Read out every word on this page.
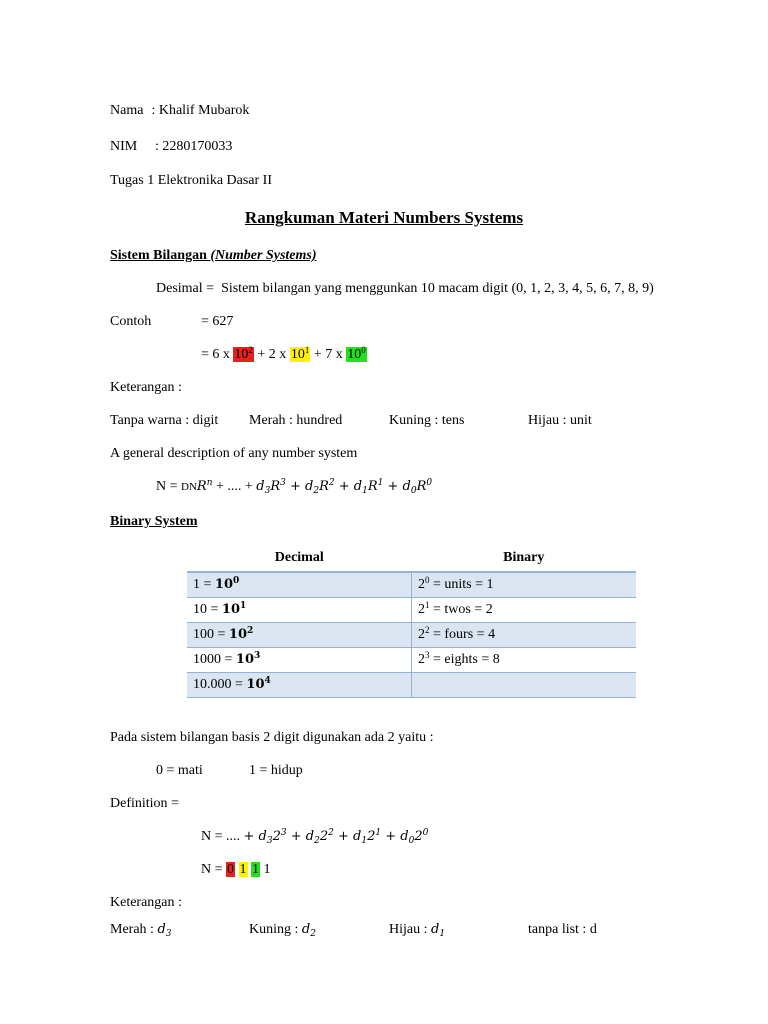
Nama : Khalif Mubarok
NIM : 2280170033
Tugas 1 Elektronika Dasar II
Rangkuman Materi Numbers Systems
Sistem Bilangan (Number Systems)
Desimal = Sistem bilangan yang menggunkan 10 macam digit (0, 1, 2, 3, 4, 5, 6, 7, 8, 9)
Contoh	= 627
= 6 x $10^2 + 2$ x $10^1 + 7$ x $10^0$
Keterangan :
Tanpa warna : digit Merah : hundred	Kuning : tens	Hijau : unit
A general description of any number system
$N = DNR^n$ + .... + $d_3R^3 + d_2R^2 + d_1R^1 + d_0R^0$
Binary System
Decimal	Binary
$1 = 10^0$	$2^0$ = units = 1
$10 = 10^1$	$2^1$ = twos = 2
$100 = 10^2$	$2^2$ = fours = 4
$1000 = 10^3$	$2^3$ = eights = 8
$10.000 = 10^4$	
Pada sistem bilangan basis 2 digit digunakan ada 2 yaitu :
0 = mati	1 = hidup
Definition =
N = .... + $d_32^3 + d_22^2 + d_12^1 + d_02^0$
N = 0 1 1 1
Keterangan :
Merah : $d_3$	Kuning : $d_2$	Hijau : $d_1$	tanpa list : d
